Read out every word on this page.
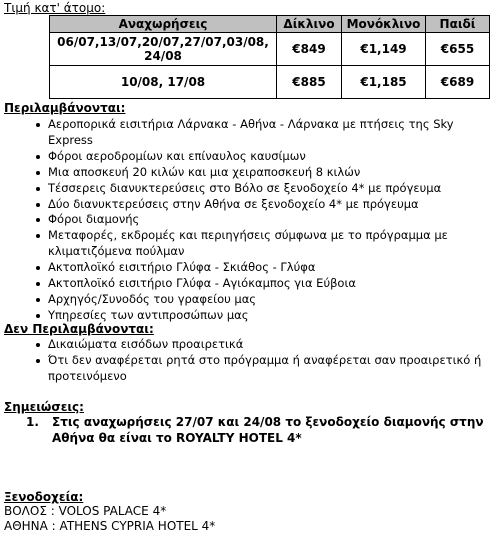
Τιμή κατ' άτομο:
Αναχωρήσεις	Δίκλινο	Μονόκλινο	Παιδί

06/07,13/07,20/07,27/07,03/08,
24/08	€849	€1,149	€655
10/08, 17/08	€885	€1,185	€689
Περιλαμβάνονται:
Αεροπορικά εισιτήρια Λάρνακα - Αθήνα - Λάρνακα με πτήσεις της Sky Express
Φόροι αεροδρομίων και επίναυλος καυσίμων
Μια αποσκευή 20 κιλών και μια χειραποσκευή 8 κιλών
Τέσσερεις διανυκτερεύσεις στο Βόλο σε ξενοδοχείο 4* με πρόγευμα
Δύο διανυκτερεύσεις στην Αθήνα σε ξενοδοχείο 4* με πρόγευμα
Φόροι διαμονής
Μεταφορές, εκδρομές και περιηγήσεις σύμφωνα με το πρόγραμμα με
κλιματιζόμενα πούλμαν
Ακτοπλοϊκό εισιτήριο Γλύφα - Σκιάθος - Γλύφα
Ακτοπλοϊκό εισιτήριο Γλύφα - Αγιόκαμπος για Εύβοια
Αρχηγός/Συνοδός του γραφείου μας
Υπηρεσίες των αντιπροσώπων μας
Δεν Περιλαμβάνονται:
Δικαιώματα εισόδων προαιρετικά
Ότι δεν αναφέρεται ρητά στο πρόγραμμα ή αναφέρεται σαν προαιρετικό ή
προτεινόμενο
Σημειώσεις:
1.	Στις αναχωρήσεις 27/07 και 24/08 το ξενοδοχείο διαμονής στην Αθήνα θα είναι το ROYALTY HOTEL 4*
Ξενοδοχεία:
ΒΟΛΟΣ : VOLOS PALACE 4*
ΑΘΗΝΑ : ATHENS CYPRIA HOTEL 4*
